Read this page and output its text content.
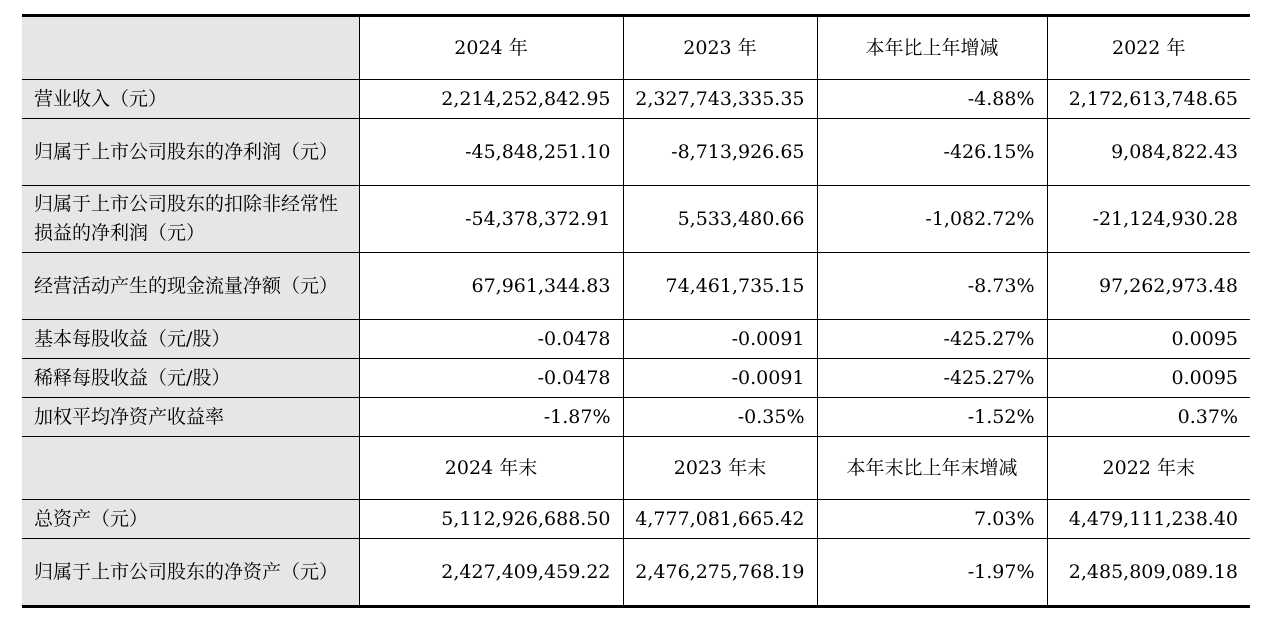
	2024 年	2023 年	本年比上年增减	2022 年
营业收入（元）	2,214,252,842.95	2,327,743,335.35	-4.88%	2,172,613,748.65
归属于上市公司股东的净利润（元）	-45,848,251.10	-8,713,926.65	-426.15%	9,084,822.43
归属于上市公司股东的扣除非经常性损益的净利润（元）	-54,378,372.91	5,533,480.66	-1,082.72%	-21,124,930.28
经营活动产生的现金流量净额（元）	67,961,344.83	74,461,735.15	-8.73%	97,262,973.48
基本每股收益（元/股）	-0.0478	-0.0091	-425.27%	0.0095
稀释每股收益（元/股）	-0.0478	-0.0091	-425.27%	0.0095
加权平均净资产收益率	-1.87%	-0.35%	-1.52%	0.37%
	2024 年末	2023 年末	本年末比上年末增减	2022 年末
总资产（元）	5,112,926,688.50	4,777,081,665.42	7.03%	4,479,111,238.40
归属于上市公司股东的净资产（元）	2,427,409,459.22	2,476,275,768.19	-1.97%	2,485,809,089.18
